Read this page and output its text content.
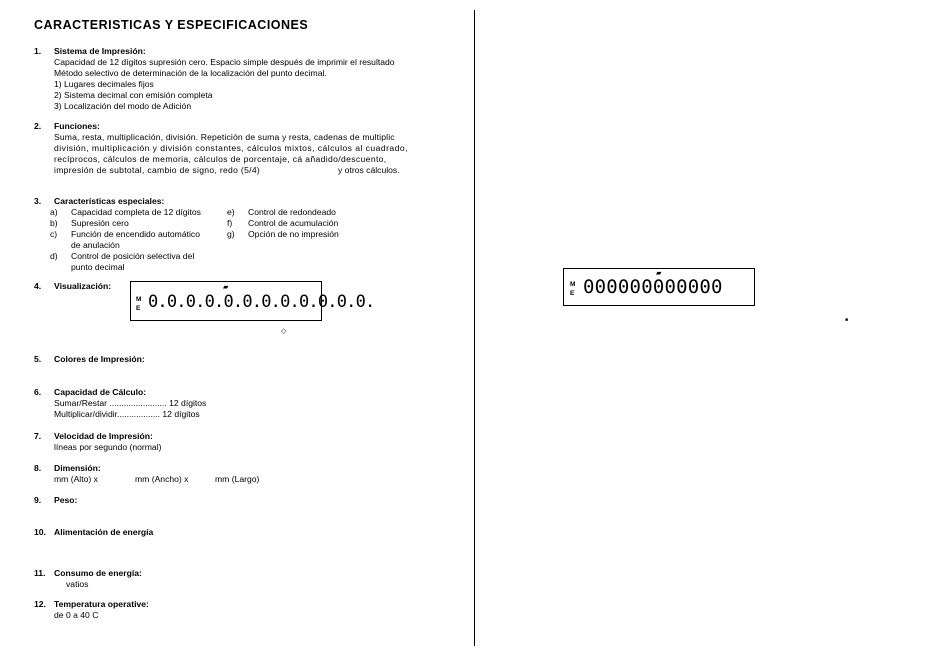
CARACTERISTICAS Y ESPECIFICACIONES
1. Sistema de Impresión:
Capacidad de 12 dígitos supresión cero. Espacio simple después de imprimir el resultado
Método selectivo de determinación de la localización del punto decimal.
1) Lugares decimales fijos
2) Sistema decimal con emisión completa
3) Localización del modo de Adición
2. Funciones:
Suma, resta, multiplicación, división. Repetición de suma y resta, cadenas de multiplic
división, multiplicación y división constantes, cálculos mixtos, cálculos al cuadrado,
recíprocos, cálculos de memoria, cálculos de porcentaje, cá añadido/descuento,
impresión de subtotal, cambio de signo, redo (5/4)	y otros cálculos.
3. Características especiales:
a) Capacidad completa de 12 dígitos
b) Supresión cero
c) Función de encendido automático
de anulación
d) Control de posición selectiva del
punto decimal
e) Control de redondeado
f) Control de acumulación
g) Opción de no impresión
4. Visualización:	▰
M
E 0.0.0.0.0.0.0.0.0.0.0.0.
◇
5. Colores de Impresión:
6. Capacidad de Cálculo:
Sumar/Restar ........................ 12 dígitos
Multiplicar/dividir.................. 12 dígitos
7. Velocidad de Impresión:
líneas por segundo (normal)
8. Dimensión:
mm (Alto) x	mm (Ancho) x	mm (Largo)
9. Peso:
10. Alimentación de energía
11. Consumo de energía:
vatios
12. Temperatura operative:
de 0 a 40 C
▰
M
E 000000000000
■
